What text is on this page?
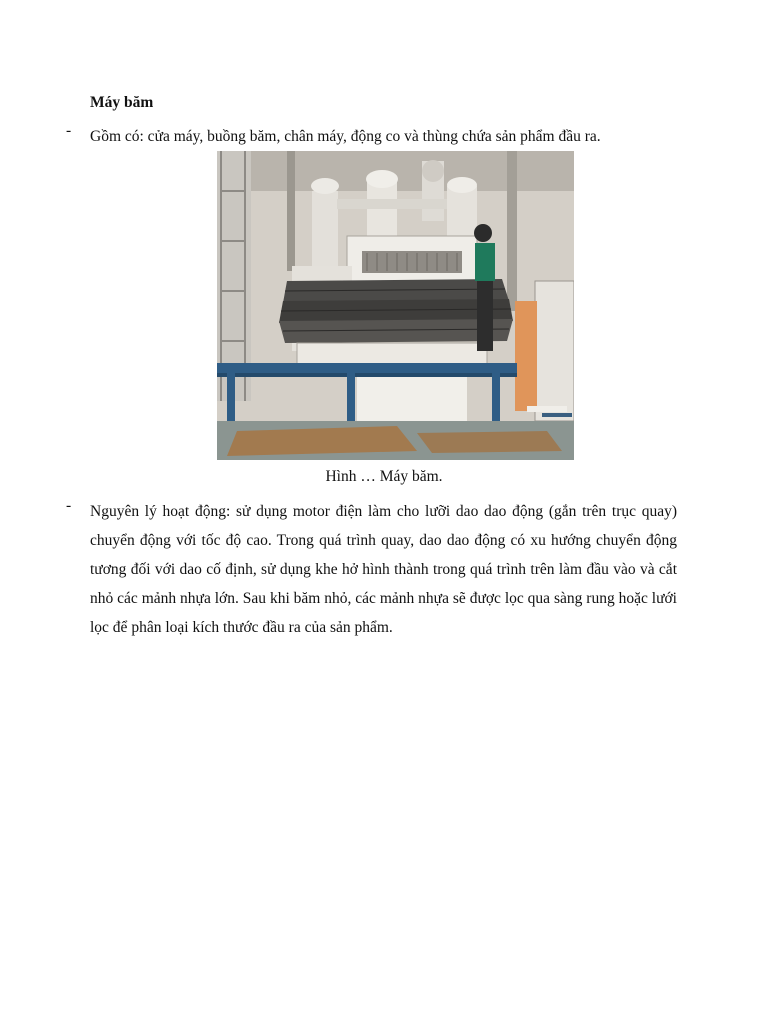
Máy băm
- Gồm có: cửa máy, buồng băm, chân máy, động co và thùng chứa sản phẩm đầu ra.
Hình … Máy băm.
- Nguyên lý hoạt động: sử dụng motor điện làm cho lưỡi dao dao động (gắn trên trục quay) chuyển động với tốc độ cao. Trong quá trình quay, dao dao động có xu hướng chuyển động tương đối với dao cố định, sử dụng khe hở hình thành trong quá trình trên làm đầu vào và cắt nhỏ các mảnh nhựa lớn. Sau khi băm nhỏ, các mảnh nhựa sẽ được lọc qua sàng rung hoặc lưới lọc để phân loại kích thước đầu ra của sản phẩm.
